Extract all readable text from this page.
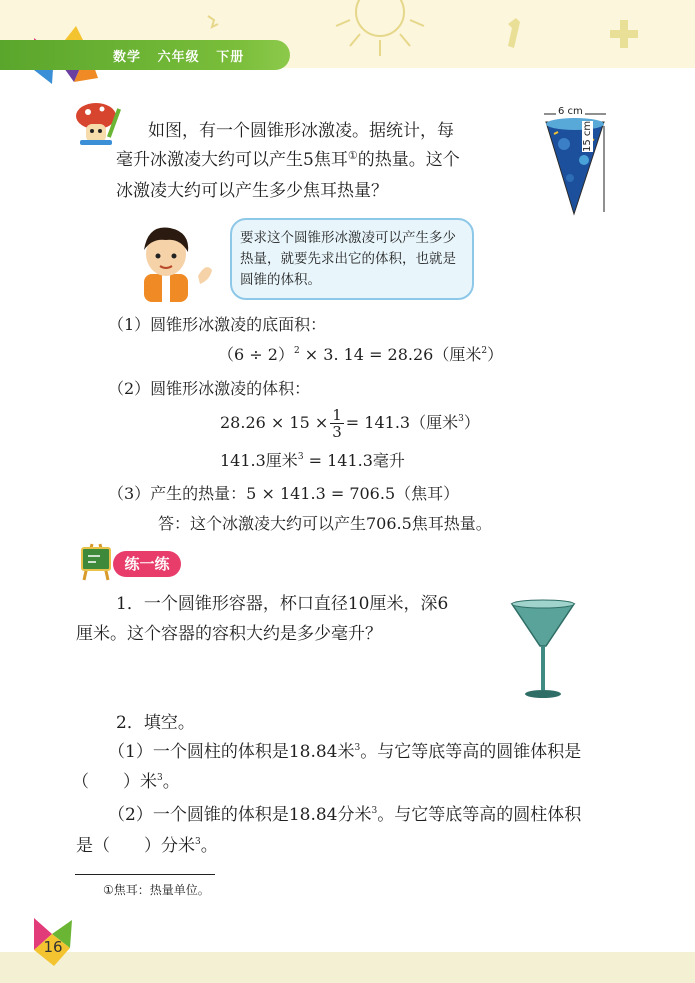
数学 六年级 下册
如图，有一个圆锥形冰激凌。据统计，每
毫升冰激凌大约可以产生5焦耳①的热量。这个
冰激凌大约可以产生多少焦耳热量？
6 cm
15 cm
要求这个圆锥形冰激凌可以产生多少热量，就要先求出它的体积，也就是圆锥的体积。
（1）圆锥形冰激凌的底面积：
$(6 \div 2)^2 \times 3$. 14 = 28.26（厘米$^2$）
（2）圆锥形冰激凌的体积：
$28.26 \times 15 \times \frac{1}{3} = 141.3$（厘米$^3$）
141.3厘米$^3$ = 141.3毫升
（3）产生的热量：5 × 141.3 = 706.5（焦耳）
答：这个冰激凌大约可以产生706.5焦耳热量。
练一练
1．一个圆锥形容器，杯口直径10厘米，深6
厘米。这个容器的容积大约是多少毫升？
2．填空。
（1）一个圆柱的体积是18.84米$^3$。与它等底等高的圆锥体积是
（　　）米$^3$。
（2）一个圆锥的体积是18.84分米$^3$。与它等底等高的圆柱体积
是（　　）分米$^3$。
①焦耳：热量单位。
16
